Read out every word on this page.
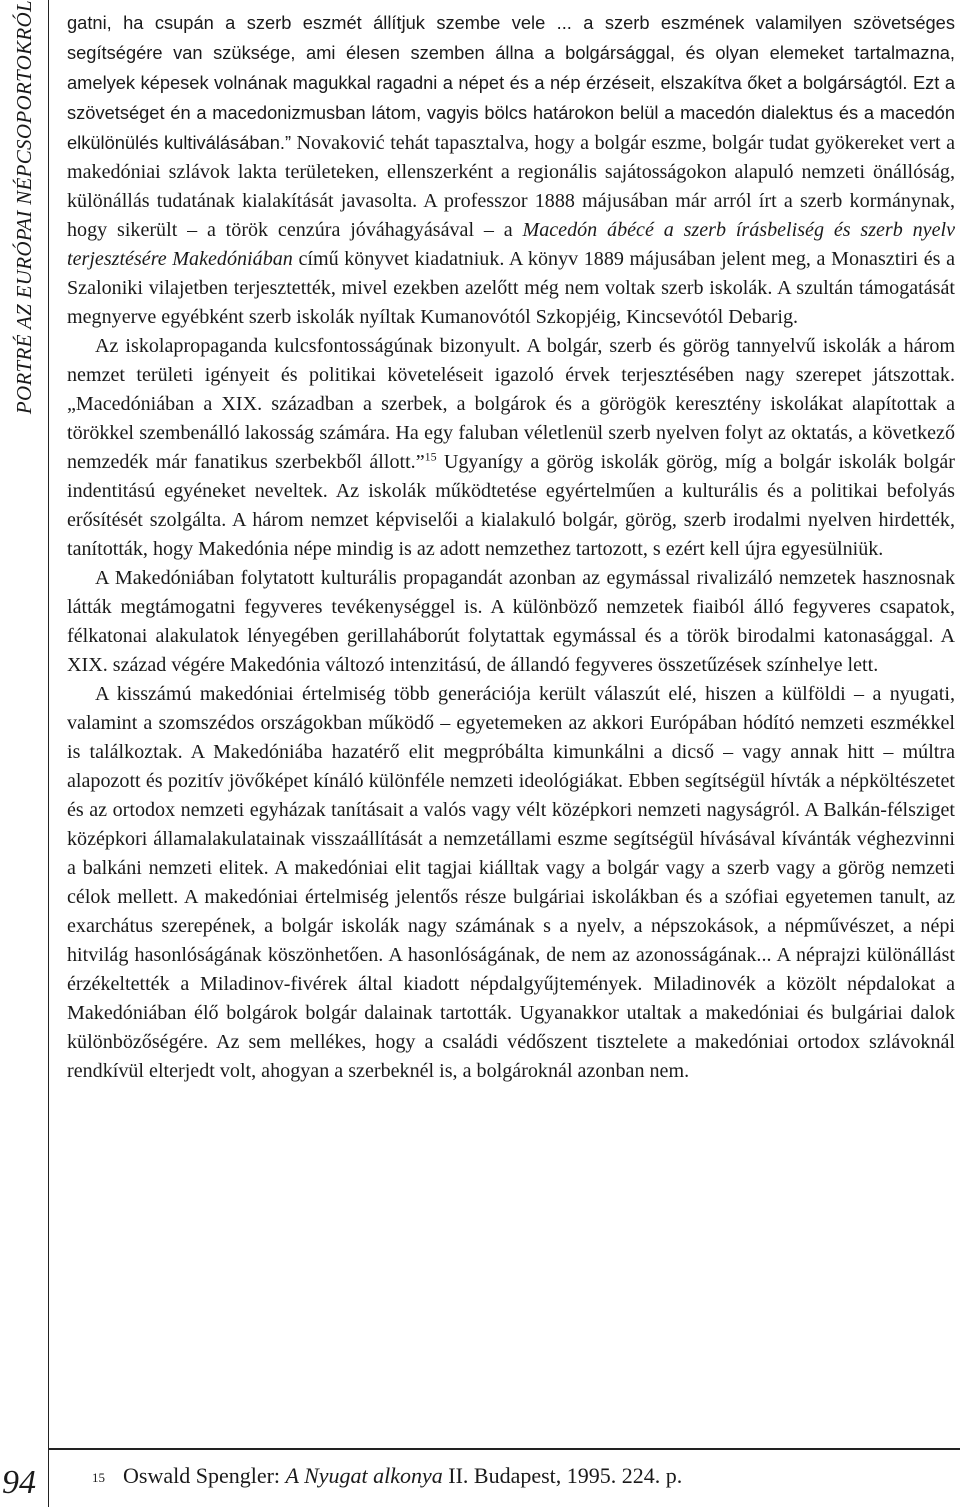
PORTRÉ AZ EURÓPAI NÉPCSOPORTOKRÓL
94

gatni, ha csupán a szerb eszmét állítjuk szembe vele ... a szerb eszmének valamilyen szövetséges segítségére van szüksége, ami élesen szemben állna a bolgársággal, és olyan elemeket tartalmazna, amelyek képesek volnának magukkal ragadni a népet és a nép érzéseit, elszakítva őket a bolgárságtól. Ezt a szövetséget én a macedonizmusban látom, vagyis bölcs határokon belül a macedón dialektus és a macedón elkülönülés kultiválásában.” Novaković tehát tapasztalva, hogy a bolgár eszme, bolgár tudat gyökereket vert a makedóniai szlávok lakta területeken, ellenszerként a regionális sajátosságokon alapuló nemzeti önállóság, különállás tudatának kialakítását javasolta. A professzor 1888 májusában már arról írt a szerb kormánynak, hogy sikerült – a török cenzúra jóváhagyásával – a Macedón ábécé a szerb írásbeliség és szerb nyelv terjesztésére Makedóniában című könyvet kiadatniuk. A könyv 1889 májusában jelent meg, a Monasztiri és a Szaloniki vilajetben terjesztették, mivel ezekben azelőtt még nem voltak szerb iskolák. A szultán támogatását megnyerve egyébként szerb iskolák nyíltak Kumanovótól Szkopjéig, Kincsevótól Debarig.

Az iskolapropaganda kulcsfontosságúnak bizonyult. A bolgár, szerb és görög tannyelvű iskolák a három nemzet területi igényeit és politikai követeléseit igazoló érvek terjesztésében nagy szerepet játszottak. „Macedóniában a XIX. században a szerbek, a bolgárok és a görögök keresztény iskolákat alapítottak a törökkel szembenálló lakosság számára. Ha egy faluban véletlenül szerb nyelven folyt az oktatás, a következő nemzedék már fanatikus szerbekből állott.”$^{15}$ Ugyanígy a görög iskolák görög, míg a bolgár iskolák bolgár indentitású egyéneket neveltek. Az iskolák működtetése egyértelműen a kulturális és a politikai befolyás erősítését szolgálta. A három nemzet képviselői a kialakuló bolgár, görög, szerb irodalmi nyelven hirdették, tanították, hogy Makedónia népe mindig is az adott nemzethez tartozott, s ezért kell újra egyesülniük.

A Makedóniában folytatott kulturális propagandát azonban az egymással rivalizáló nemzetek hasznosnak látták megtámogatni fegyveres tevékenységgel is. A különböző nemzetek fiaiból álló fegyveres csapatok, félkatonai alakulatok lényegében gerillaháborút folytattak egymással és a török birodalmi katonasággal. A XIX. század végére Makedónia változó intenzitású, de állandó fegyveres összetűzések színhelye lett.

A kisszámú makedóniai értelmiség több generációja került válaszút elé, hiszen a külföldi – a nyugati, valamint a szomszédos országokban működő – egyetemeken az akkori Európában hódító nemzeti eszmékkel is találkoztak. A Makedóniába hazatérő elit megpróbálta kimunkálni a dicső – vagy annak hitt – múltra alapozott és pozitív jövőképet kínáló különféle nemzeti ideológiákat. Ebben segítségül hívták a népköltészetet és az ortodox nemzeti egyházak tanításait a valós vagy vélt középkori nemzeti nagyságról. A Balkán-félsziget középkori államalakulatainak visszaállítását a nemzetállami eszme segítségül hívásával kívánták véghezvinni a balkáni nemzeti elitek. A makedóniai elit tagjai kiálltak vagy a bolgár vagy a szerb vagy a görög nemzeti célok mellett. A makedóniai értelmiség jelentős része bulgáriai iskolákban és a szófiai egyetemen tanult, az exarchátus szerepének, a bolgár iskolák nagy számának s a nyelv, a népszokások, a népművészet, a népi hitvilág hasonlóságának köszönhetően. A hasonlóságának, de nem az azonosságának... A néprajzi különállást érzékeltették a Miladinov-fivérek által kiadott népdalgyűjtemények. Miladinovék a közölt népdalokat a Makedóniában élő bolgárok bolgár dalainak tartották. Ugyanakkor utaltak a makedóniai és bulgáriai dalok különbözőségére. Az sem mellékes, hogy a családi védőszent tisztelete a makedóniai ortodox szlávoknál rendkívül elterjedt volt, ahogyan a szerbeknél is, a bolgároknál azonban nem.

$^{15}$ Oswald Spengler: A Nyugat alkonya II. Budapest, 1995. 224. p.
